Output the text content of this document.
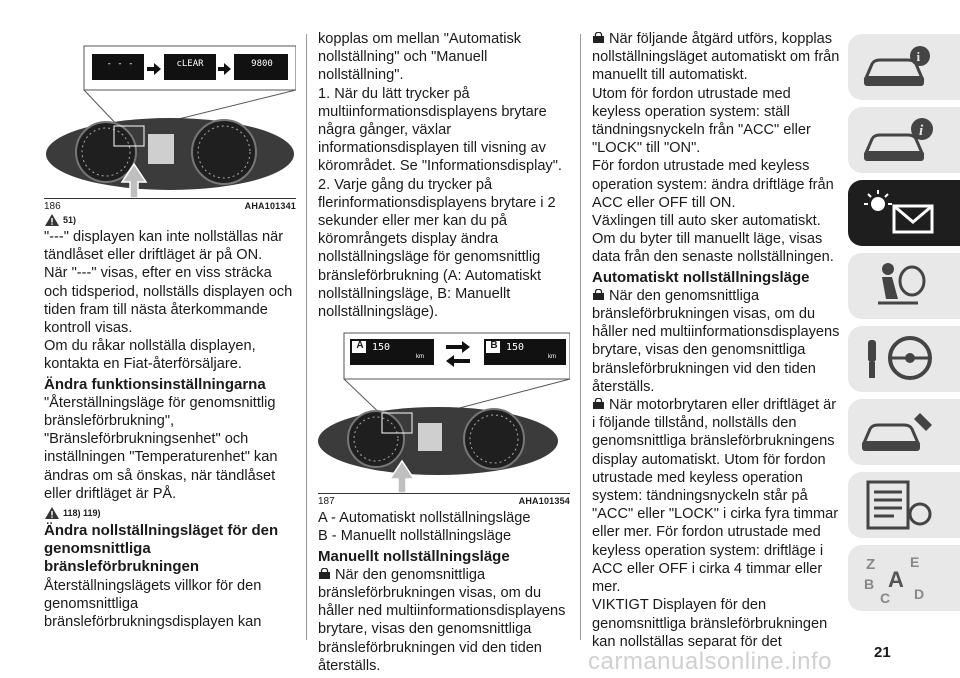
- - -	cLEAR	9800
186	AHA101341
51)

"---" displayen kan inte nollställas när tändlåset eller driftläget är på ON.

När "---" visas, efter en viss sträcka och tidsperiod, nollställs displayen och tiden fram till nästa återkommande kontroll visas.

Om du råkar nollställa displayen, kontakta en Fiat-återförsäljare.

Ändra funktionsinställningarna

"Återställningsläge för genomsnittlig bränsleförbrukning", "Bränsleförbrukningsenhet" och inställningen "Temperaturenhet" kan ändras om så önskas, när tändlåset eller driftläget är PÅ.

118) 119)
Ändra nollställningsläget för den genomsnittliga bränsleförbrukningen

Återställningslägets villkor för den genomsnittliga bränsleförbrukningsdisplayen kan

kopplas om mellan "Automatisk nollställning" och "Manuell nollställning".

1. När du lätt trycker på multiinformationsdisplayens brytare några gånger, växlar informationsdisplayen till visning av körområdet. Se "Informationsdisplay".

2. Varje gång du trycker på flerinformationsdisplayens brytare i 2 sekunder eller mer kan du på körområngets display ändra nollställningsläge för genomsnittlig bränsleförbrukning (A: Automatiskt nollställningsläge, B: Manuellt nollställningsläge).

A	B
150	150
km	km
187	AHA101354

A - Automatiskt nollställningsläge

B - Manuellt nollställningsläge

Manuellt nollställningsläge

När den genomsnittliga bränsleförbrukningen visas, om du håller ned multiinformationsdisplayens brytare, visas den genomsnittliga bränsleförbrukningen vid den tiden återställs.

När följande åtgärd utförs, kopplas nollställningsläget automatiskt om från manuellt till automatiskt.

Utom för fordon utrustade med keyless operation system: ställ tändningsnyckeln från "ACC" eller "LOCK" till "ON".

För fordon utrustade med keyless operation system: ändra driftläge från ACC eller OFF till ON.

Växlingen till auto sker automatiskt. Om du byter till manuellt läge, visas data från den senaste nollställningen.

Automatiskt nollställningsläge

När den genomsnittliga bränsleförbrukningen visas, om du håller ned multiinformationsdisplayens brytare, visas den genomsnittliga bränsleförbrukningen vid den tiden återställs.

När motorbrytaren eller driftläget är i följande tillstånd, nollställs den genomsnittliga bränsleförbrukningens display automatiskt. Utom för fordon utrustade med keyless operation system: tändningsnyckeln står på "ACC" eller "LOCK" i cirka fyra timmar eller mer. För fordon utrustade med keyless operation system: driftläge i ACC eller OFF i cirka 4 timmar eller mer.

VIKTIGT Displayen för den genomsnittliga bränsleförbrukningen kan nollställas separat för det

i
i
Z E
B A
C D
carmanualsonline.info	21
